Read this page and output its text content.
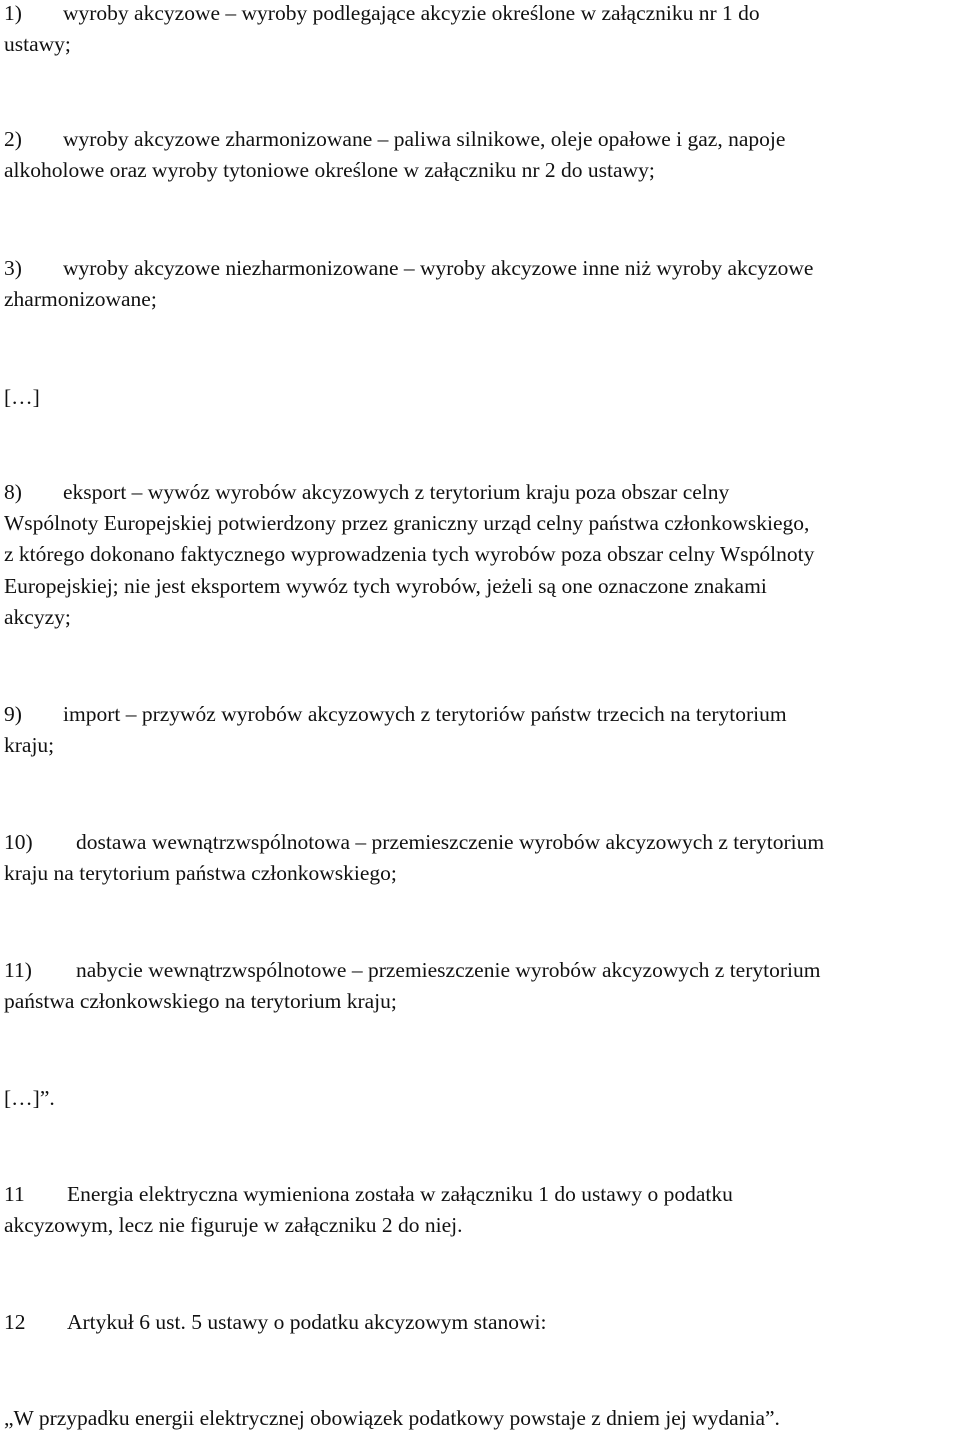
1) wyroby akcyzowe – wyroby podlegające akcyzie określone w załączniku nr 1 do
ustawy;
2) wyroby akcyzowe zharmonizowane – paliwa silnikowe, oleje opałowe i gaz, napoje
alkoholowe oraz wyroby tytoniowe określone w załączniku nr 2 do ustawy;
3) wyroby akcyzowe niezharmonizowane – wyroby akcyzowe inne niż wyroby akcyzowe
zharmonizowane;
[…]
8) eksport – wywóz wyrobów akcyzowych z terytorium kraju poza obszar celny
Wspólnoty Europejskiej potwierdzony przez graniczny urząd celny państwa członkowskiego,
z którego dokonano faktycznego wyprowadzenia tych wyrobów poza obszar celny Wspólnoty
Europejskiej; nie jest eksportem wywóz tych wyrobów, jeżeli są one oznaczone znakami
akcyzy;
9) import – przywóz wyrobów akcyzowych z terytoriów państw trzecich na terytorium
kraju;
10) dostawa wewnątrzwspólnotowa – przemieszczenie wyrobów akcyzowych z terytorium
kraju na terytorium państwa członkowskiego;
11) nabycie wewnątrzwspólnotowe – przemieszczenie wyrobów akcyzowych z terytorium
państwa członkowskiego na terytorium kraju;
[…]”.
11 Energia elektryczna wymieniona została w załączniku 1 do ustawy o podatku
akcyzowym, lecz nie figuruje w załączniku 2 do niej.
12 Artykuł 6 ust. 5 ustawy o podatku akcyzowym stanowi:
„W przypadku energii elektrycznej obowiązek podatkowy powstaje z dniem jej wydania”.
